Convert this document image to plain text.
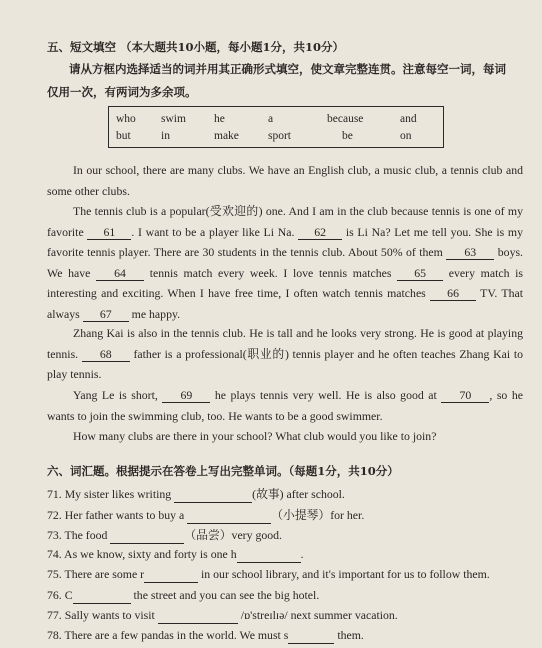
五、短文填空 （本大题共10小题，每小题1分，共10分）
请从方框内选择适当的词并用其正确形式填空，使文章完整连贯。注意每空一词，每词
仅用一次，有两词为多余项。
who swim he	a	because	and
but	in	make	sport	be	on
In our school, there are many clubs. We have an English club, a music club, a tennis club and some other clubs.
The tennis club is a popular(受欢迎的) one. And I am in the club because tennis is one of my favorite 61 . I want to be a player like Li Na. 62 is Li Na? Let me tell you. She is my favorite tennis player. There are 30 students in the tennis club. About 50% of them 63 boys. We have 64 tennis match every week. I love tennis matches 65 every match is interesting and exciting. When I have free time, I often watch tennis matches 66 TV. That always 67 me happy.
Zhang Kai is also in the tennis club. He is tall and he looks very strong. He is good at playing tennis. 68 father is a professional(职业的) tennis player and he often teaches Zhang Kai to play tennis.
Yang Le is short, 69 he plays tennis very well. He is also good at 70 , so he wants to join the swimming club, too. He wants to be a good swimmer.
How many clubs are there in your school? What club would you like to join?
六、词汇题。根据提示在答卷上写出完整单词。（每题1分，共10分）
71. My sister likes writing	(故事) after school.
72. Her father wants to buy a	（小提琴）for her.
73. The food	（品尝）very good.
74. As we know, sixty and forty is one h	.
75. There are some r	in our school library, and it's important for us to follow them.
76. C	the street and you can see the big hotel.
77. Sally wants to visit	/ɒ'streɪlɪə/ next summer vacation.
78. There are a few pandas in the world. We must s	them.
